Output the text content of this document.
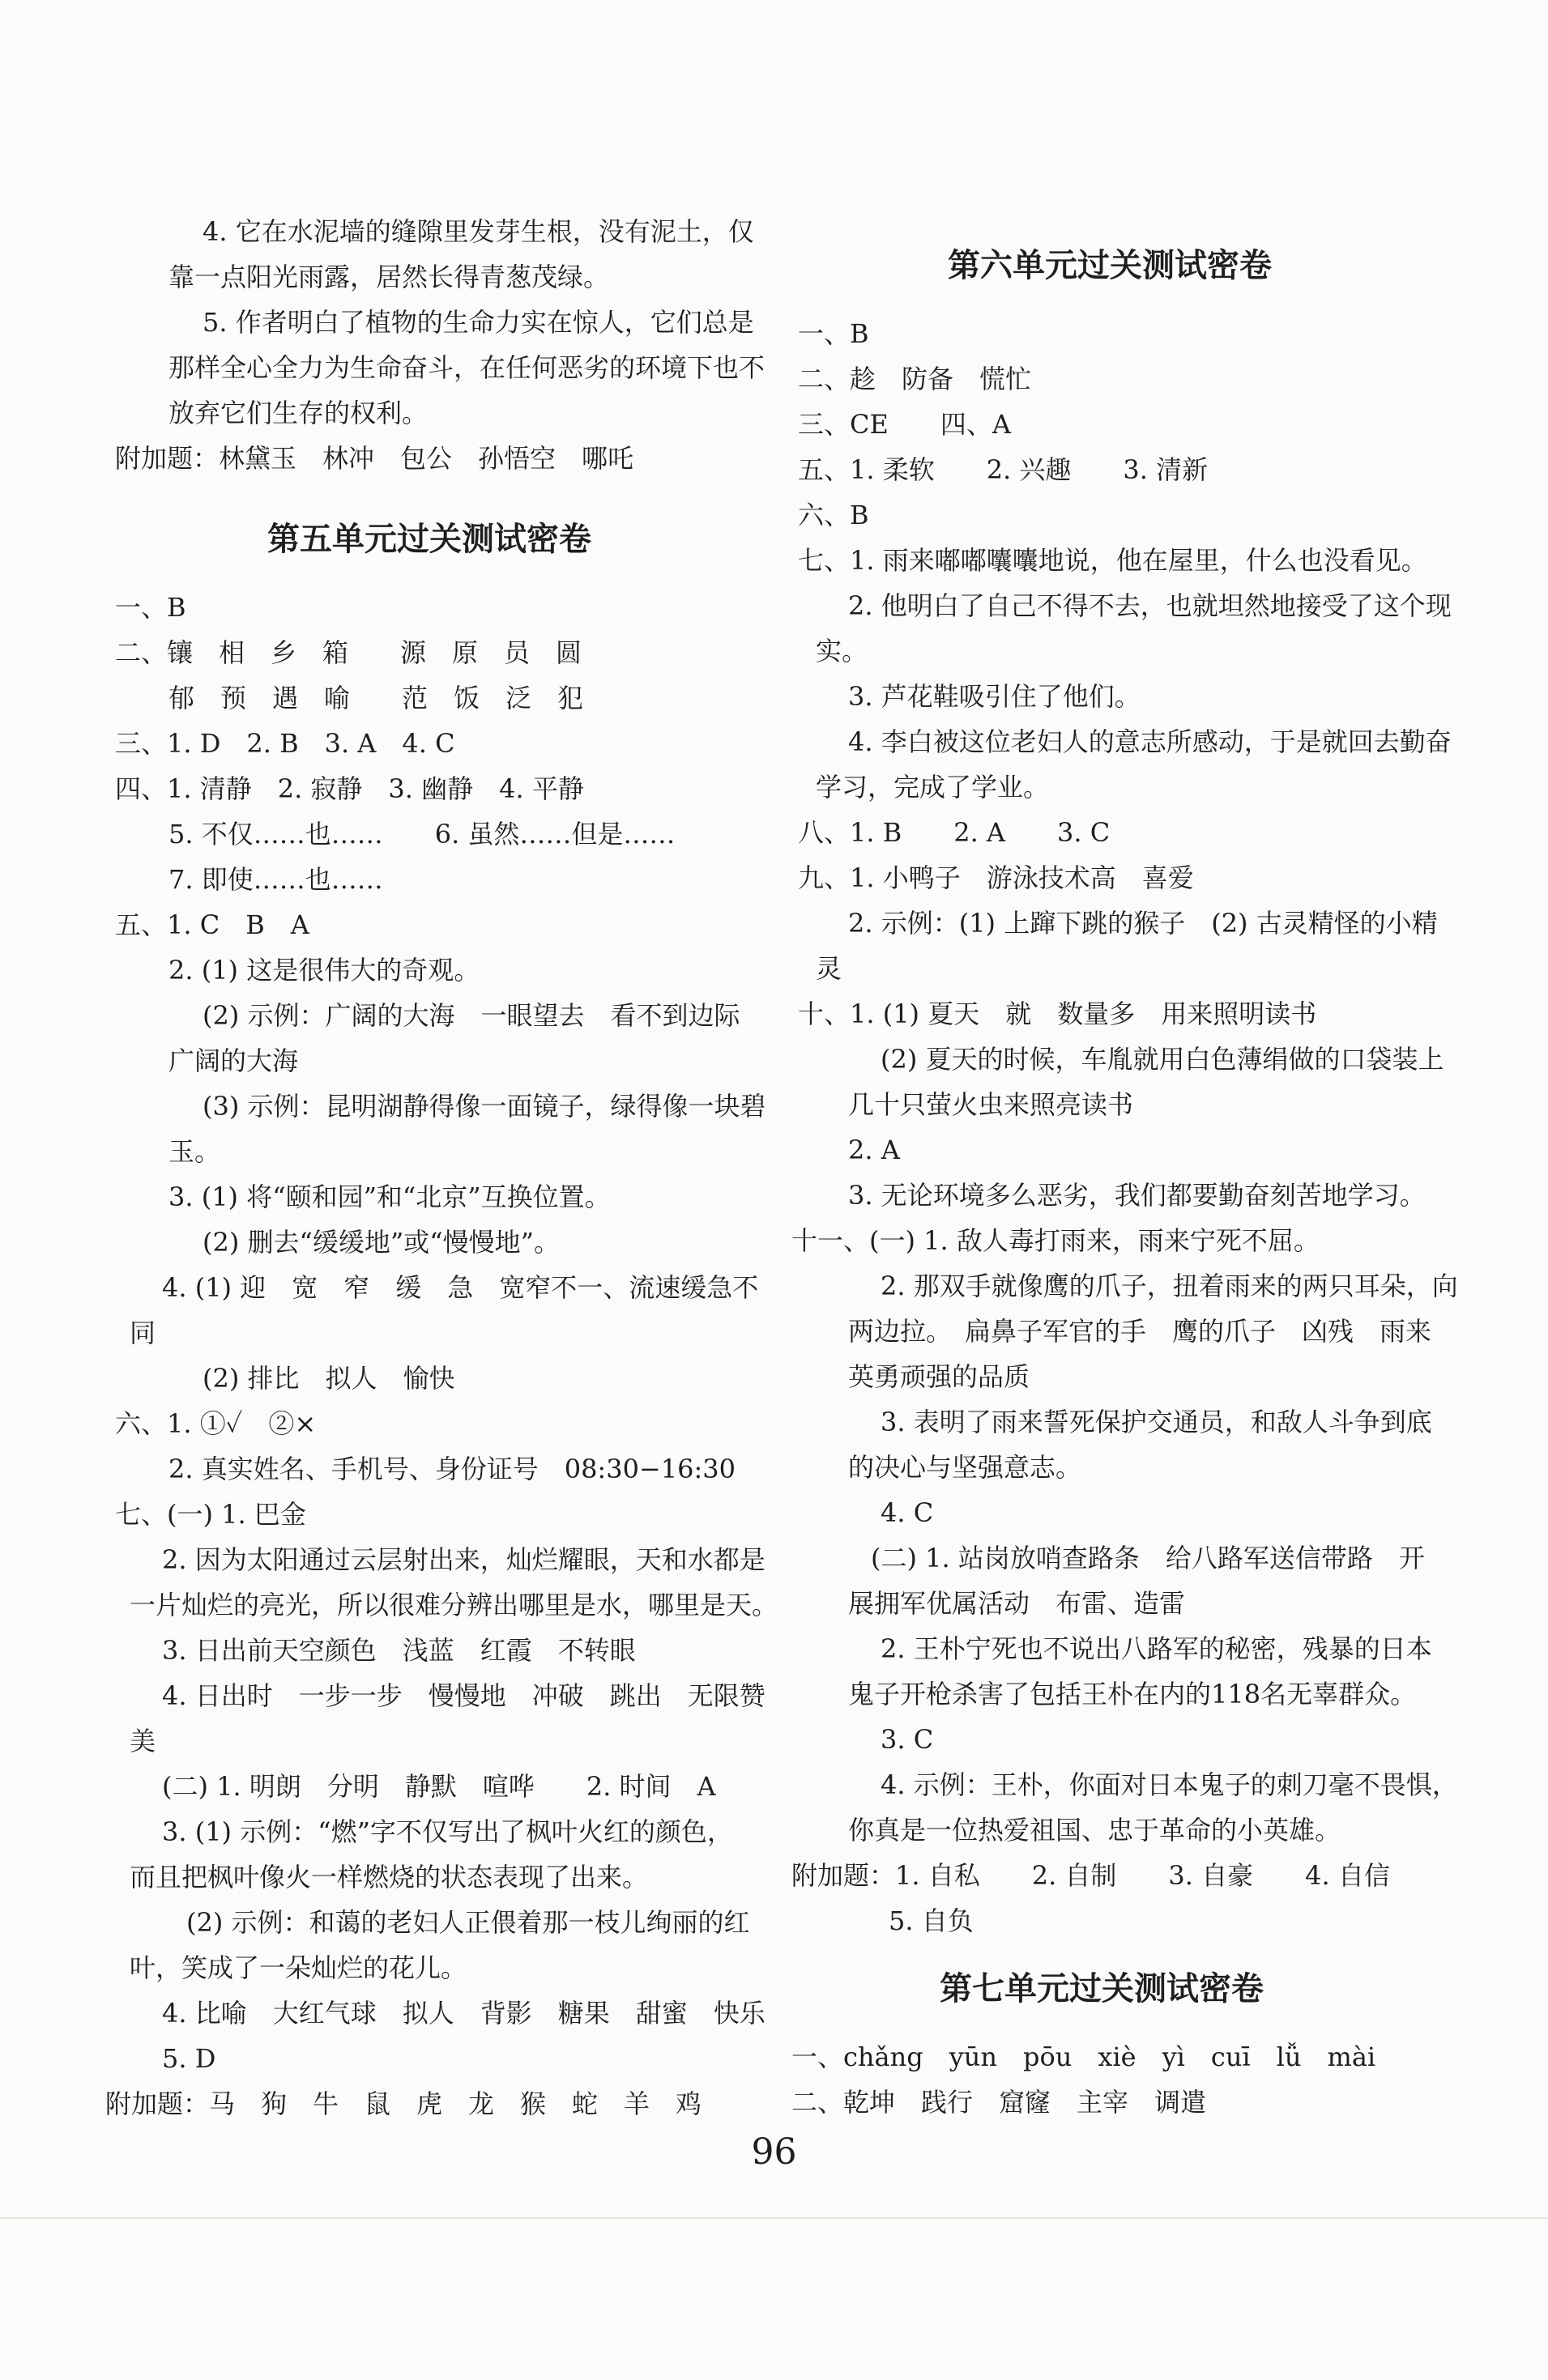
4. 它在水泥墙的缝隙里发芽生根，没有泥土，仅
靠一点阳光雨露，居然长得青葱茂绿。
5. 作者明白了植物的生命力实在惊人，它们总是
那样全心全力为生命奋斗，在任何恶劣的环境下也不
放弃它们生存的权利。
附加题：林黛玉　林冲　包公　孙悟空　哪吒
第五单元过关测试密卷
一、B
二、镶　相　乡　箱　　源　原　员　圆
郁　预　遇　喻　　范　饭　泛　犯
三、1. D　2. B　3. A　4. C
四、1. 清静　2. 寂静　3. 幽静　4. 平静
5. 不仅……也……　　6. 虽然……但是……
7. 即使……也……
五、1. C　B　A
2. (1) 这是很伟大的奇观。
(2) 示例：广阔的大海　一眼望去　看不到边际
广阔的大海
(3) 示例：昆明湖静得像一面镜子，绿得像一块碧
玉。
3. (1) 将“颐和园”和“北京”互换位置。
(2) 删去“缓缓地”或“慢慢地”。
4. (1) 迎　宽　窄　缓　急　宽窄不一、流速缓急不
同
(2) 排比　拟人　愉快
六、1. ①✓　②×
2. 真实姓名、手机号、身份证号　08:30−16:30
七、(一) 1. 巴金
2. 因为太阳通过云层射出来，灿烂耀眼，天和水都是
一片灿烂的亮光，所以很难分辨出哪里是水，哪里是天。
3. 日出前天空颜色　浅蓝　红霞　不转眼
4. 日出时　一步一步　慢慢地　冲破　跳出　无限赞
美
(二) 1. 明朗　分明　静默　喧哗　　2. 时间　A
3. (1) 示例：“燃”字不仅写出了枫叶火红的颜色，
而且把枫叶像火一样燃烧的状态表现了出来。
(2) 示例：和蔼的老妇人正偎着那一枝儿绚丽的红
叶，笑成了一朵灿烂的花儿。
4. 比喻　大红气球　拟人　背影　糖果　甜蜜　快乐
5. D
附加题：马　狗　牛　鼠　虎　龙　猴　蛇　羊　鸡
第六单元过关测试密卷
一、B
二、趁　防备　慌忙
三、CE　　四、A
五、1. 柔软　　2. 兴趣　　3. 清新
六、B
七、1. 雨来嘟嘟囔囔地说，他在屋里，什么也没看见。
2. 他明白了自己不得不去，也就坦然地接受了这个现
实。
3. 芦花鞋吸引住了他们。
4. 李白被这位老妇人的意志所感动，于是就回去勤奋
学习，完成了学业。
八、1. B　　2. A　　3. C
九、1. 小鸭子　游泳技术高　喜爱
2. 示例：(1) 上蹿下跳的猴子　(2) 古灵精怪的小精
灵
十、1. (1) 夏天　就　数量多　用来照明读书
(2) 夏天的时候，车胤就用白色薄绢做的口袋装上
几十只萤火虫来照亮读书
2. A
3. 无论环境多么恶劣，我们都要勤奋刻苦地学习。
十一、(一) 1. 敌人毒打雨来，雨来宁死不屈。
2. 那双手就像鹰的爪子，扭着雨来的两只耳朵，向
两边拉。　扁鼻子军官的手　鹰的爪子　凶残　雨来
英勇顽强的品质
3. 表明了雨来誓死保护交通员，和敌人斗争到底
的决心与坚强意志。
4. C
(二) 1. 站岗放哨查路条　给八路军送信带路　开
展拥军优属活动　布雷、造雷
2. 王朴宁死也不说出八路军的秘密，残暴的日本
鬼子开枪杀害了包括王朴在内的118名无辜群众。
3. C
4. 示例：王朴，你面对日本鬼子的刺刀毫不畏惧，
你真是一位热爱祖国、忠于革命的小英雄。
附加题：1. 自私　　2. 自制　　3. 自豪　　4. 自信
5. 自负
第七单元过关测试密卷
一、chǎng　yūn　pōu　xiè　yì　cuī　lǚ　mài
二、乾坤　践行　窟窿　主宰　调遣
96
